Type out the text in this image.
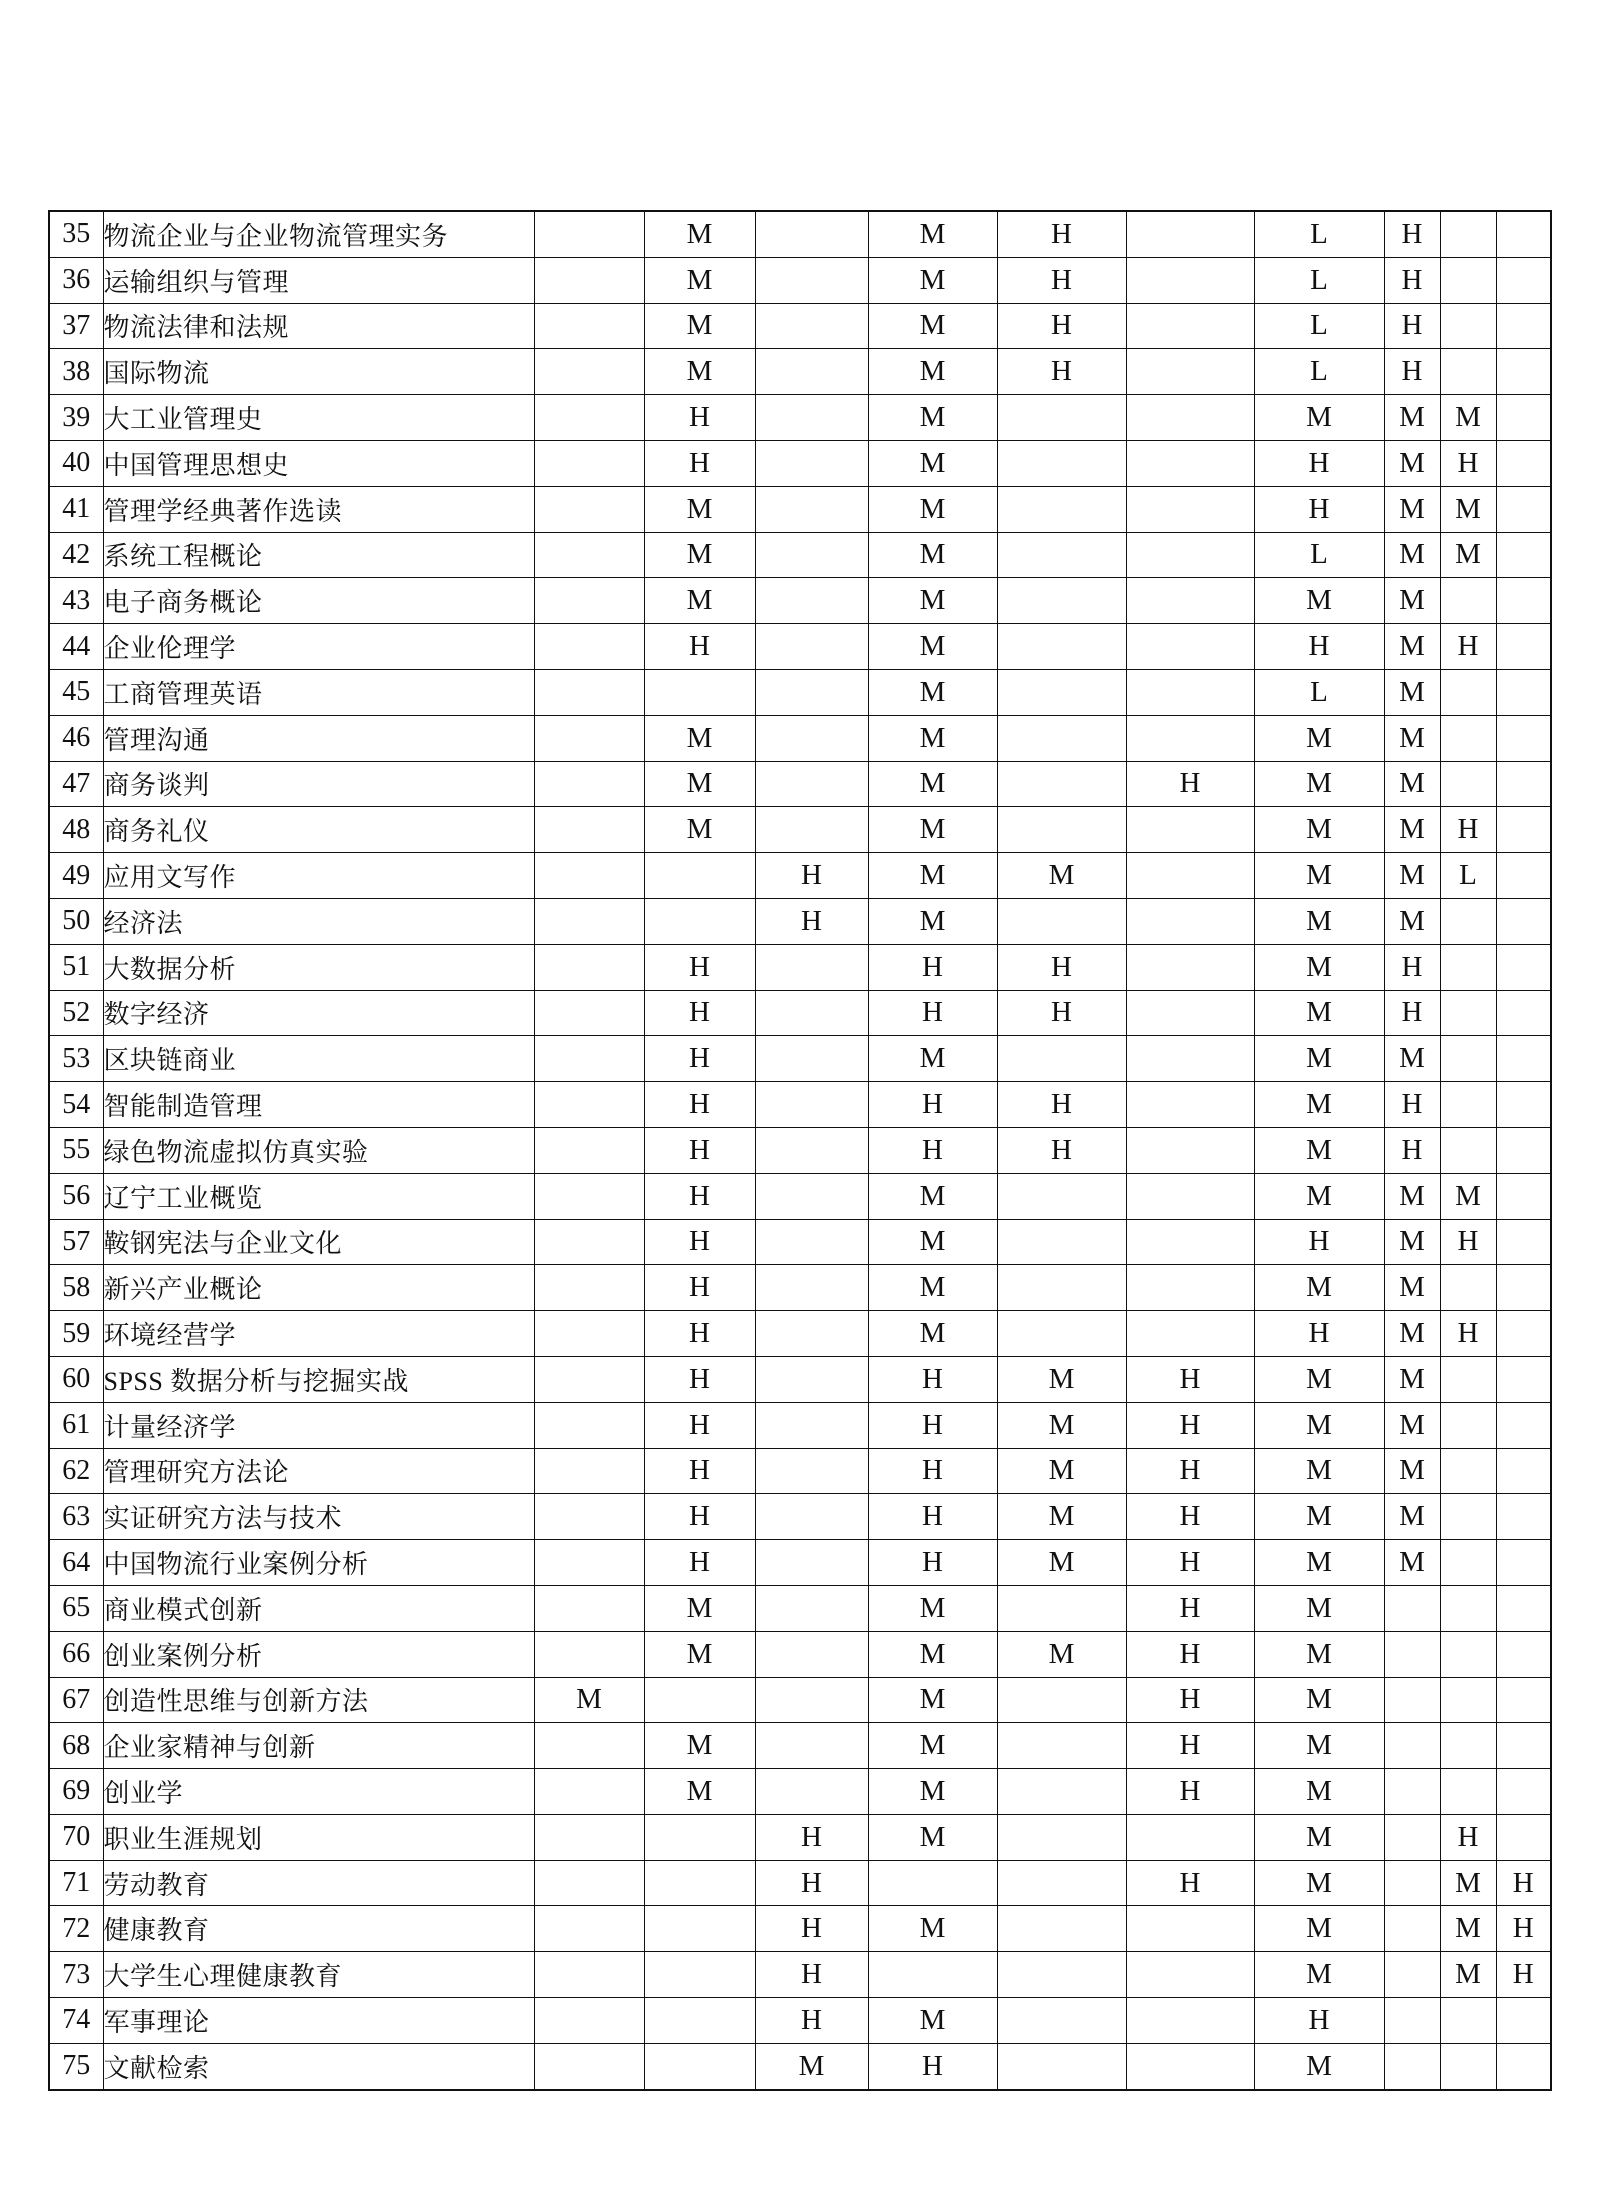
35	物流企业与企业物流管理实务		M		M	H		L	H		
36	运输组织与管理		M		M	H		L	H		
37	物流法律和法规		M		M	H		L	H		
38	国际物流		M		M	H		L	H		
39	大工业管理史		H		M			M	M	M	
40	中国管理思想史		H		M			H	M	H	
41	管理学经典著作选读		M		M			H	M	M	
42	系统工程概论		M		M			L	M	M	
43	电子商务概论		M		M			M	M		
44	企业伦理学		H		M			H	M	H	
45	工商管理英语				M			L	M		
46	管理沟通		M		M			M	M		
47	商务谈判		M		M		H	M	M		
48	商务礼仪		M		M			M	M	H	
49	应用文写作			H	M	M		M	M	L	
50	经济法			H	M			M	M		
51	大数据分析		H		H	H		M	H		
52	数字经济		H		H	H		M	H		
53	区块链商业		H		M			M	M		
54	智能制造管理		H		H	H		M	H		
55	绿色物流虚拟仿真实验		H		H	H		M	H		
56	辽宁工业概览		H		M			M	M	M	
57	鞍钢宪法与企业文化		H		M			H	M	H	
58	新兴产业概论		H		M			M	M		
59	环境经营学		H		M			H	M	H	
60	SPSS 数据分析与挖掘实战		H		H	M	H	M	M		
61	计量经济学		H		H	M	H	M	M		
62	管理研究方法论		H		H	M	H	M	M		
63	实证研究方法与技术		H		H	M	H	M	M		
64	中国物流行业案例分析		H		H	M	H	M	M		
65	商业模式创新		M		M		H	M			
66	创业案例分析		M		M	M	H	M			
67	创造性思维与创新方法	M			M		H	M			
68	企业家精神与创新		M		M		H	M			
69	创业学		M		M		H	M			
70	职业生涯规划			H	M			M		H	
71	劳动教育			H			H	M		M	H
72	健康教育			H	M			M		M	H
73	大学生心理健康教育			H				M		M	H
74	军事理论			H	M			H			
75	文献检索			M	H			M			
